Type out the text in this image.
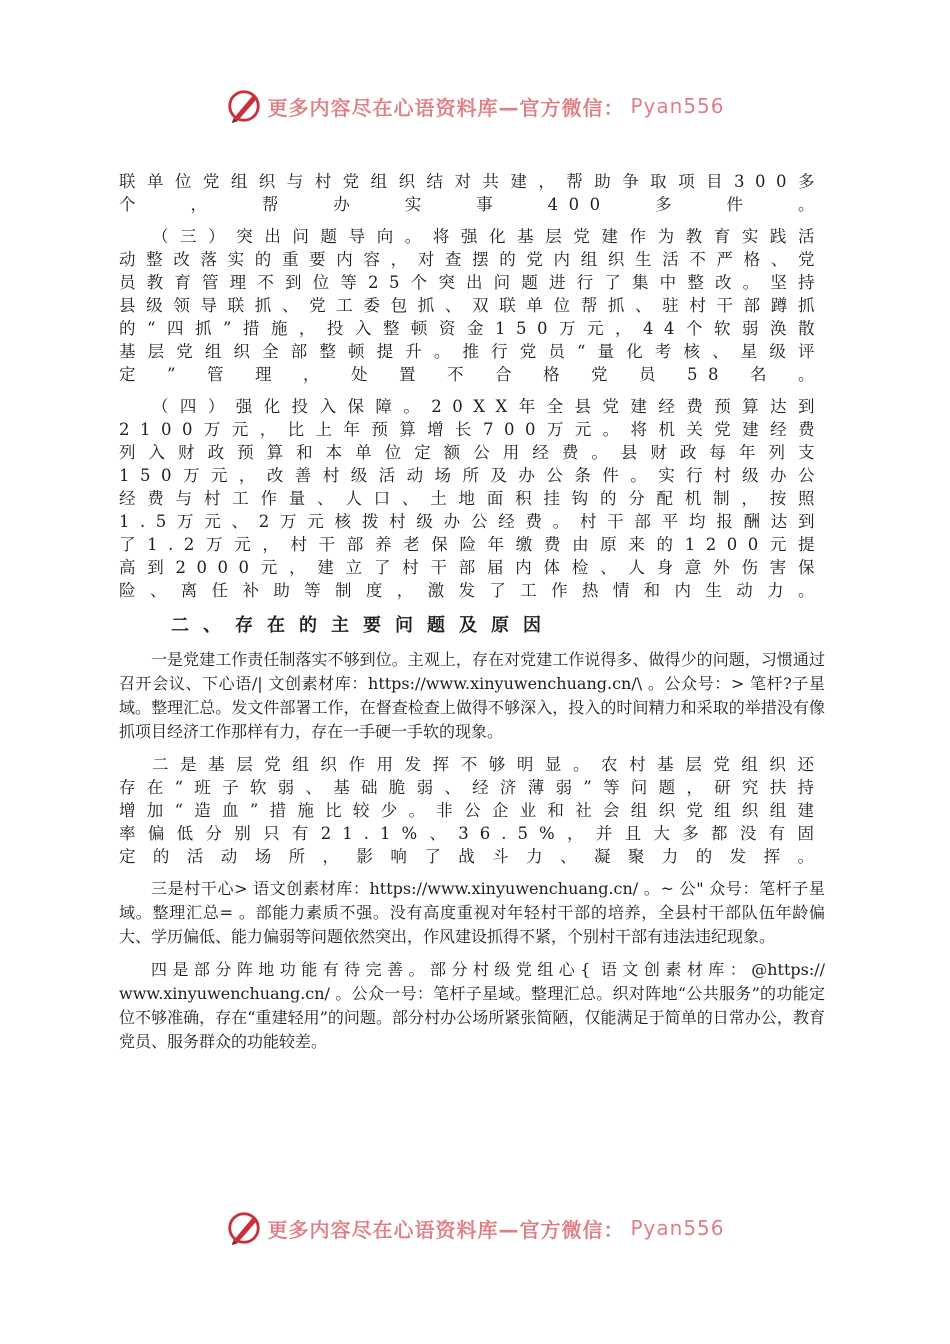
更多内容尽在心语资料库—官方微信： Pyan556

联单位党组织与村党组织结对共建，帮助争取项目300多个，帮办实事400多件。

（三）突出问题导向。将强化基层党建作为教育实践活动整改落实的重要内容，对查摆的党内组织生活不严格、党员教育管理不到位等25个突出问题进行了集中整改。坚持县级领导联抓、党工委包抓、双联单位帮抓、驻村干部蹲抓的“四抓”措施，投入整顿资金150万元，44个软弱涣散基层党组织全部整顿提升。推行党员“量化考核、星级评定”管理，处置不合格党员58名。

（四）强化投入保障。20XX年全县党建经费预算达到2100万元，比上年预算增长700万元。将机关党建经费列入财政预算和本单位定额公用经费。县财政每年列支150万元，改善村级活动场所及办公条件。实行村级办公经费与村工作量、人口、土地面积挂钩的分配机制，按照1.5万元、2万元核拨村级办公经费。村干部平均报酬达到了1.2万元，村干部养老保险年缴费由原来的1200元提高到2000元，建立了村干部届内体检、人身意外伤害保险、离任补助等制度，激发了工作热情和内生动力。

二、存在的主要问题及原因

一是党建工作责任制落实不够到位。主观上，存在对党建工作说得多、做得少的问题，习惯通过召开会议、下心语/| 文创素材库：https://www.xinyuwenchuang.cn/\ 。公众号：> 笔杆?子星域。整理汇总。发文件部署工作，在督查检查上做得不够深入，投入的时间精力和采取的举措没有像抓项目经济工作那样有力，存在一手硬一手软的现象。

二是基层党组织作用发挥不够明显。农村基层党组织还存在“班子软弱、基础脆弱、经济薄弱”等问题，研究扶持增加“造血”措施比较少。非公企业和社会组织党组织组建率偏低分别只有21.1%、36.5%，并且大多都没有固定的活动场所，影响了战斗力、凝聚力的发挥。

三是村干心> 语文创素材库：https://www.xinyuwenchuang.cn/ 。~ 公" 众号：笔杆子星域。整理汇总= 。部能力素质不强。没有高度重视对年轻村干部的培养，全县村干部队伍年龄偏大、学历偏低、能力偏弱等问题依然突出，作风建设抓得不紧，个别村干部有违法违纪现象。

四是部分阵地功能有待完善。部分村级党组心{ 语文创素材库：@https:// www.xinyuwenchuang.cn/ 。公众一号：笔杆子星域。整理汇总。织对阵地“公共服务”的功能定位不够准确，存在“重建轻用”的问题。部分村办公场所紧张简陋，仅能满足于简单的日常办公，教育党员、服务群众的功能较差。

更多内容尽在心语资料库—官方微信： Pyan556
